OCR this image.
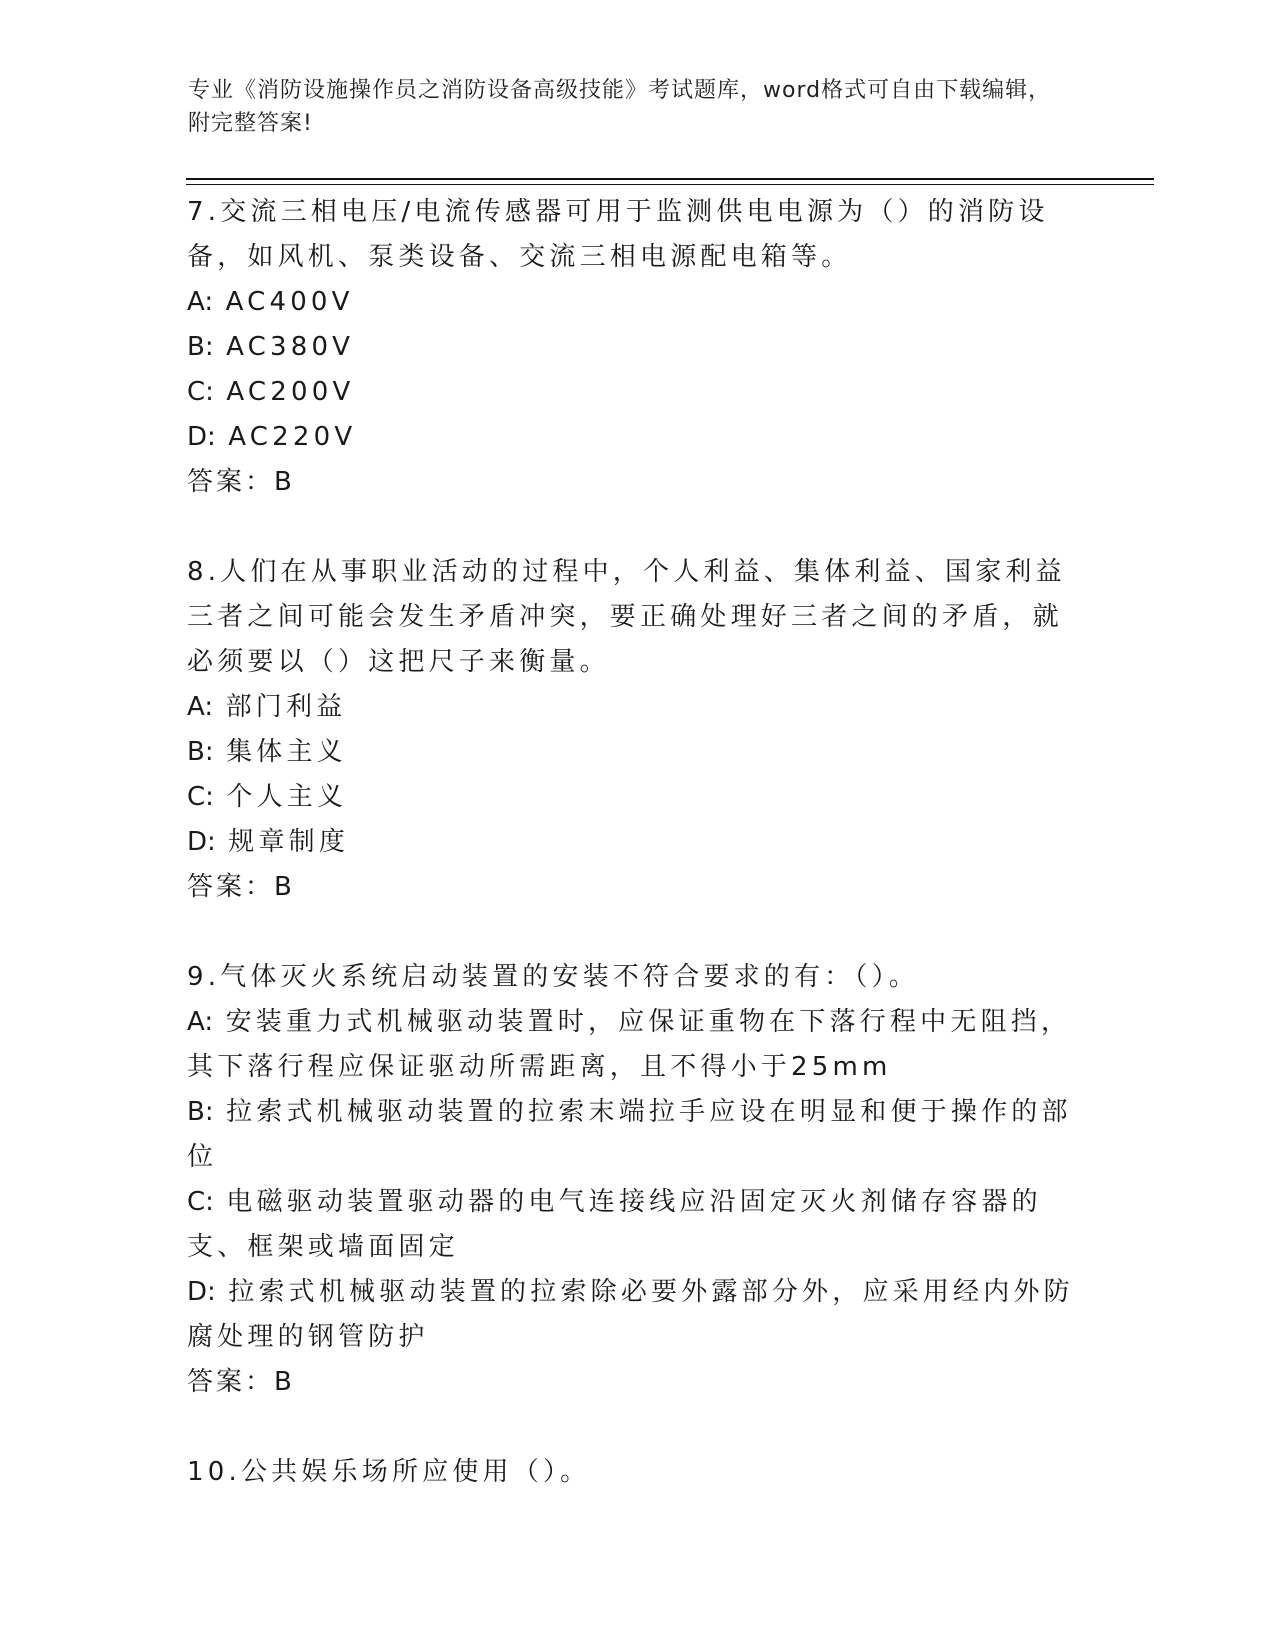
专业《消防设施操作员之消防设备高级技能》考试题库，word格式可自由下载编辑，附完整答案!
7.交流三相电压/电流传感器可用于监测供电电源为（）的消防设备，如风机、泵类设备、交流三相电源配电箱等。
A: AC400V
B: AC380V
C: AC200V
D: AC220V
答案：B
8.人们在从事职业活动的过程中，个人利益、集体利益、国家利益三者之间可能会发生矛盾冲突，要正确处理好三者之间的矛盾，就必须要以（）这把尺子来衡量。
A: 部门利益
B: 集体主义
C: 个人主义
D: 规章制度
答案：B
9.气体灭火系统启动装置的安装不符合要求的有：（）。
A: 安装重力式机械驱动装置时，应保证重物在下落行程中无阻挡，其下落行程应保证驱动所需距离，且不得小于25mm
B: 拉索式机械驱动装置的拉索末端拉手应设在明显和便于操作的部位
C: 电磁驱动装置驱动器的电气连接线应沿固定灭火剂储存容器的支、框架或墙面固定
D: 拉索式机械驱动装置的拉索除必要外露部分外，应采用经内外防腐处理的钢管防护
答案：B
10.公共娱乐场所应使用（）。
